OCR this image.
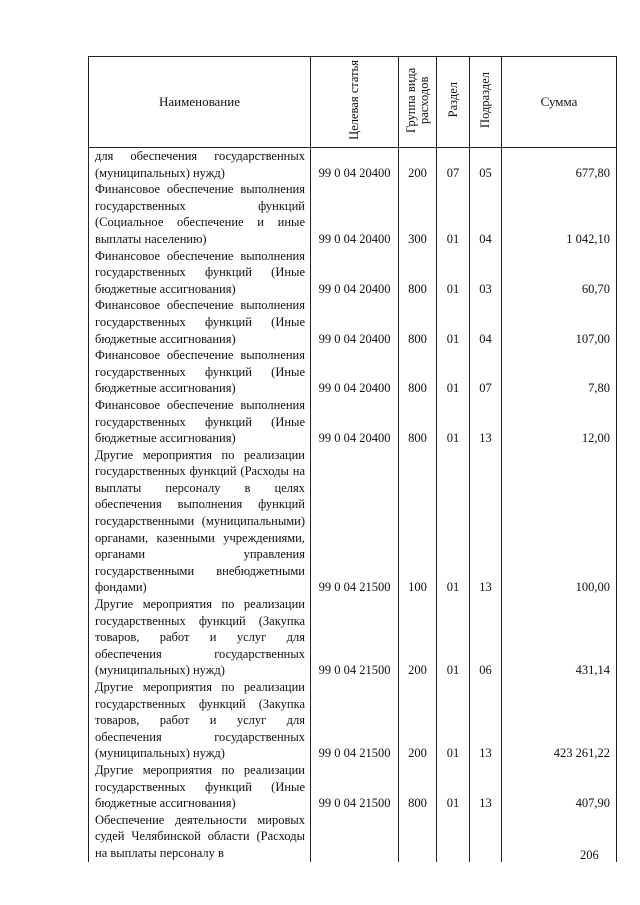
Наименование	Целевая статья	Группа вида расходов	Раздел	Подраздел	Сумма
для обеспечения государственных (муниципальных) нужд)	99 0 04 20400	200	07	05	677,80
Финансовое обеспечение выполнения государственных функций (Социальное обеспечение и иные выплаты населению)	99 0 04 20400	300	01	04	1 042,10
Финансовое обеспечение выполнения государственных функций (Иные бюджетные ассигнования)	99 0 04 20400	800	01	03	60,70
Финансовое обеспечение выполнения государственных функций (Иные бюджетные ассигнования)	99 0 04 20400	800	01	04	107,00
Финансовое обеспечение выполнения государственных функций (Иные бюджетные ассигнования)	99 0 04 20400	800	01	07	7,80
Финансовое обеспечение выполнения государственных функций (Иные бюджетные ассигнования)	99 0 04 20400	800	01	13	12,00
Другие мероприятия по реализации государственных функций (Расходы на выплаты персоналу в целях обеспечения выполнения функций государственными (муниципальными) органами, казенными учреждениями, органами управления государственными внебюджетными фондами)	99 0 04 21500	100	01	13	100,00
Другие мероприятия по реализации государственных функций (Закупка товаров, работ и услуг для обеспечения государственных (муниципальных) нужд)	99 0 04 21500	200	01	06	431,14
Другие мероприятия по реализации государственных функций (Закупка товаров, работ и услуг для обеспечения государственных (муниципальных) нужд)	99 0 04 21500	200	01	13	423 261,22
Другие мероприятия по реализации государственных функций (Иные бюджетные ассигнования)	99 0 04 21500	800	01	13	407,90
Обеспечение деятельности мировых судей Челябинской области (Расходы на выплаты персоналу в						206
